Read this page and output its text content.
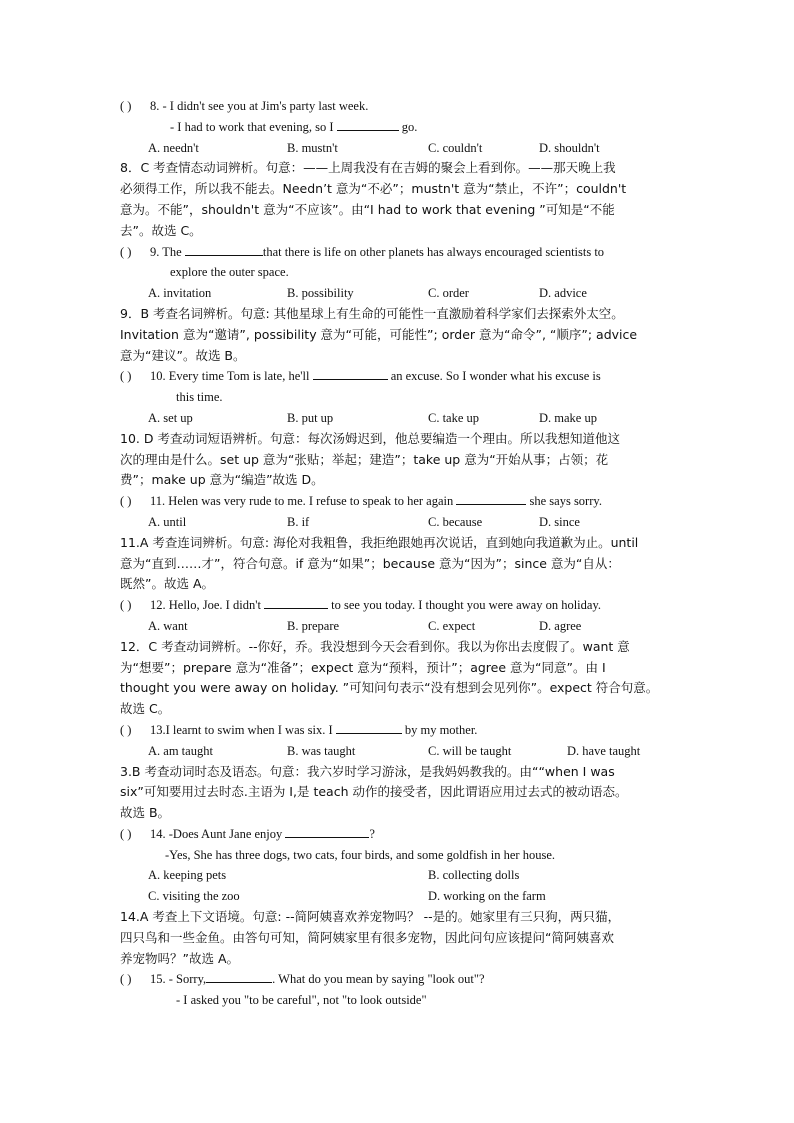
( ) 8. - I didn't see you at Jim's party last week.
- I had to work that evening, so I	go.
A. needn't	B. mustn't	C. couldn't	D. shouldn't
8．C 考查情态动词辨析。句意：——上周我没有在吉姆的聚会上看到你。——那天晚上我
必须得工作，所以我不能去。Needn’t 意为“不必”；mustn't 意为“禁止，不许”；couldn't
意为。不能”，shouldn't 意为“不应该”。由“I had to work that evening ”可知是“不能
去”。故选 C。
( ) 9. The	that there is life on other planets has always encouraged scientists to
explore the outer space.
A. invitation	B. possibility	C. order	D. advice
9．B 考查名词辨析。句意: 其他星球上有生命的可能性一直激励着科学家们去探索外太空。
Invitation 意为“邀请”, possibility 意为“可能，可能性”; order 意为“命令”, “顺序”; advice
意为“建议”。故选 B。
( ) 10. Every time Tom is late, he'll	an excuse. So I wonder what his excuse is
this time.
A. set up	B. put up	C. take up	D. make up
10. D 考查动词短语辨析。句意：每次汤姆迟到，他总要编造一个理由。所以我想知道他这
次的理由是什么。set up 意为“张贴；举起；建造”；take up 意为“开始从事；占领；花
费”；make up 意为“编造”故选 D。
( ) 11. Helen was very rude to me. I refuse to speak to her again	she says sorry.
A. until	B. if	C. because	D. since
11.A 考查连词辨析。句意: 海伦对我粗鲁，我拒绝跟她再次说话，直到她向我道歉为止。until
意为“直到……才”，符合句意。if 意为“如果”；because 意为“因为”；since 意为“自从：
既然”。故选 A。
( ) 12. Hello, Joe. I didn't	to see you today. I thought you were away on holiday.
A. want	B. prepare	C. expect	D. agree
12．C 考查动词辨析。--你好，乔。我没想到今天会看到你。我以为你出去度假了。want 意
为“想要”；prepare 意为“准备”；expect 意为“预料，预计”；agree 意为“同意”。由 I
thought you were away on holiday. ”可知问句表示“没有想到会见列你”。expect 符合句意。
故选 C。
( ) 13.I learnt to swim when I was six. I	by my mother.
A. am taught	B. was taught	C. will be taught	D. have taught
3.B 考查动词时态及语态。句意：我六岁时学习游泳，是我妈妈教我的。由““when I was
six”可知要用过去时态.主语为 I,是 teach 动作的接受者，因此谓语应用过去式的被动语态。
故选 B。
( ) 14. -Does Aunt Jane enjoy	?
-Yes, She has three dogs, two cats, four birds, and some goldfish in her house.
A. keeping pets	B. collecting dolls
C. visiting the zoo	D. working on the farm
14.A 考查上下文语境。句意: --简阿姨喜欢养宠物吗？ --是的。她家里有三只狗，两只猫，
四只鸟和一些金鱼。由答句可知，简阿姨家里有很多宠物，因此问句应该提问“简阿姨喜欢
养宠物吗？”故选 A。
( ) 15. - Sorry,	. What do you mean by saying "look out"?
- I asked you "to be careful", not "to look outside"
